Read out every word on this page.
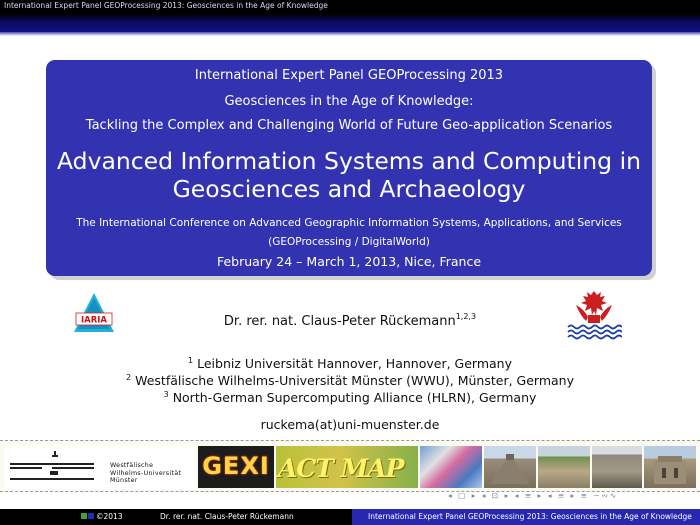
International Expert Panel GEOProcessing 2013: Geosciences in the Age of Knowledge
International Expert Panel GEOProcessing 2013
Geosciences in the Age of Knowledge:
Tackling the Complex and Challenging World of Future Geo-application Scenarios
Advanced Information Systems and Computing in
Geosciences and Archaeology
The International Conference on Advanced Geographic Information Systems, Applications, and Services
(GEOProcessing / DigitalWorld)
February 24 – March 1, 2013, Nice, France
IARIA	Dr. rer. nat. Claus-Peter Rückemann$^{1,2,3}$
$^1$ Leibniz Universität Hannover, Hannover, Germany
$^2$ Westfälische Wilhelms-Universität Münster (WWU), Münster, Germany
$^3$ North-German Supercomputing Alliance (HLRN), Germany
ruckema(at)uni-muenster.de
Westfälische
Wilhelms-Universität
Münster
GEXI ACT MAP
◂ □ ▸ ◂ ⊡ ▸ ◂ ≡ ▸ ◂ ≡ ▸ ≡ ∽∾∿
©2013	Dr. rer. nat. Claus-Peter Rückemann	International Expert Panel GEOProcessing 2013: Geosciences in the Age of Knowledge
